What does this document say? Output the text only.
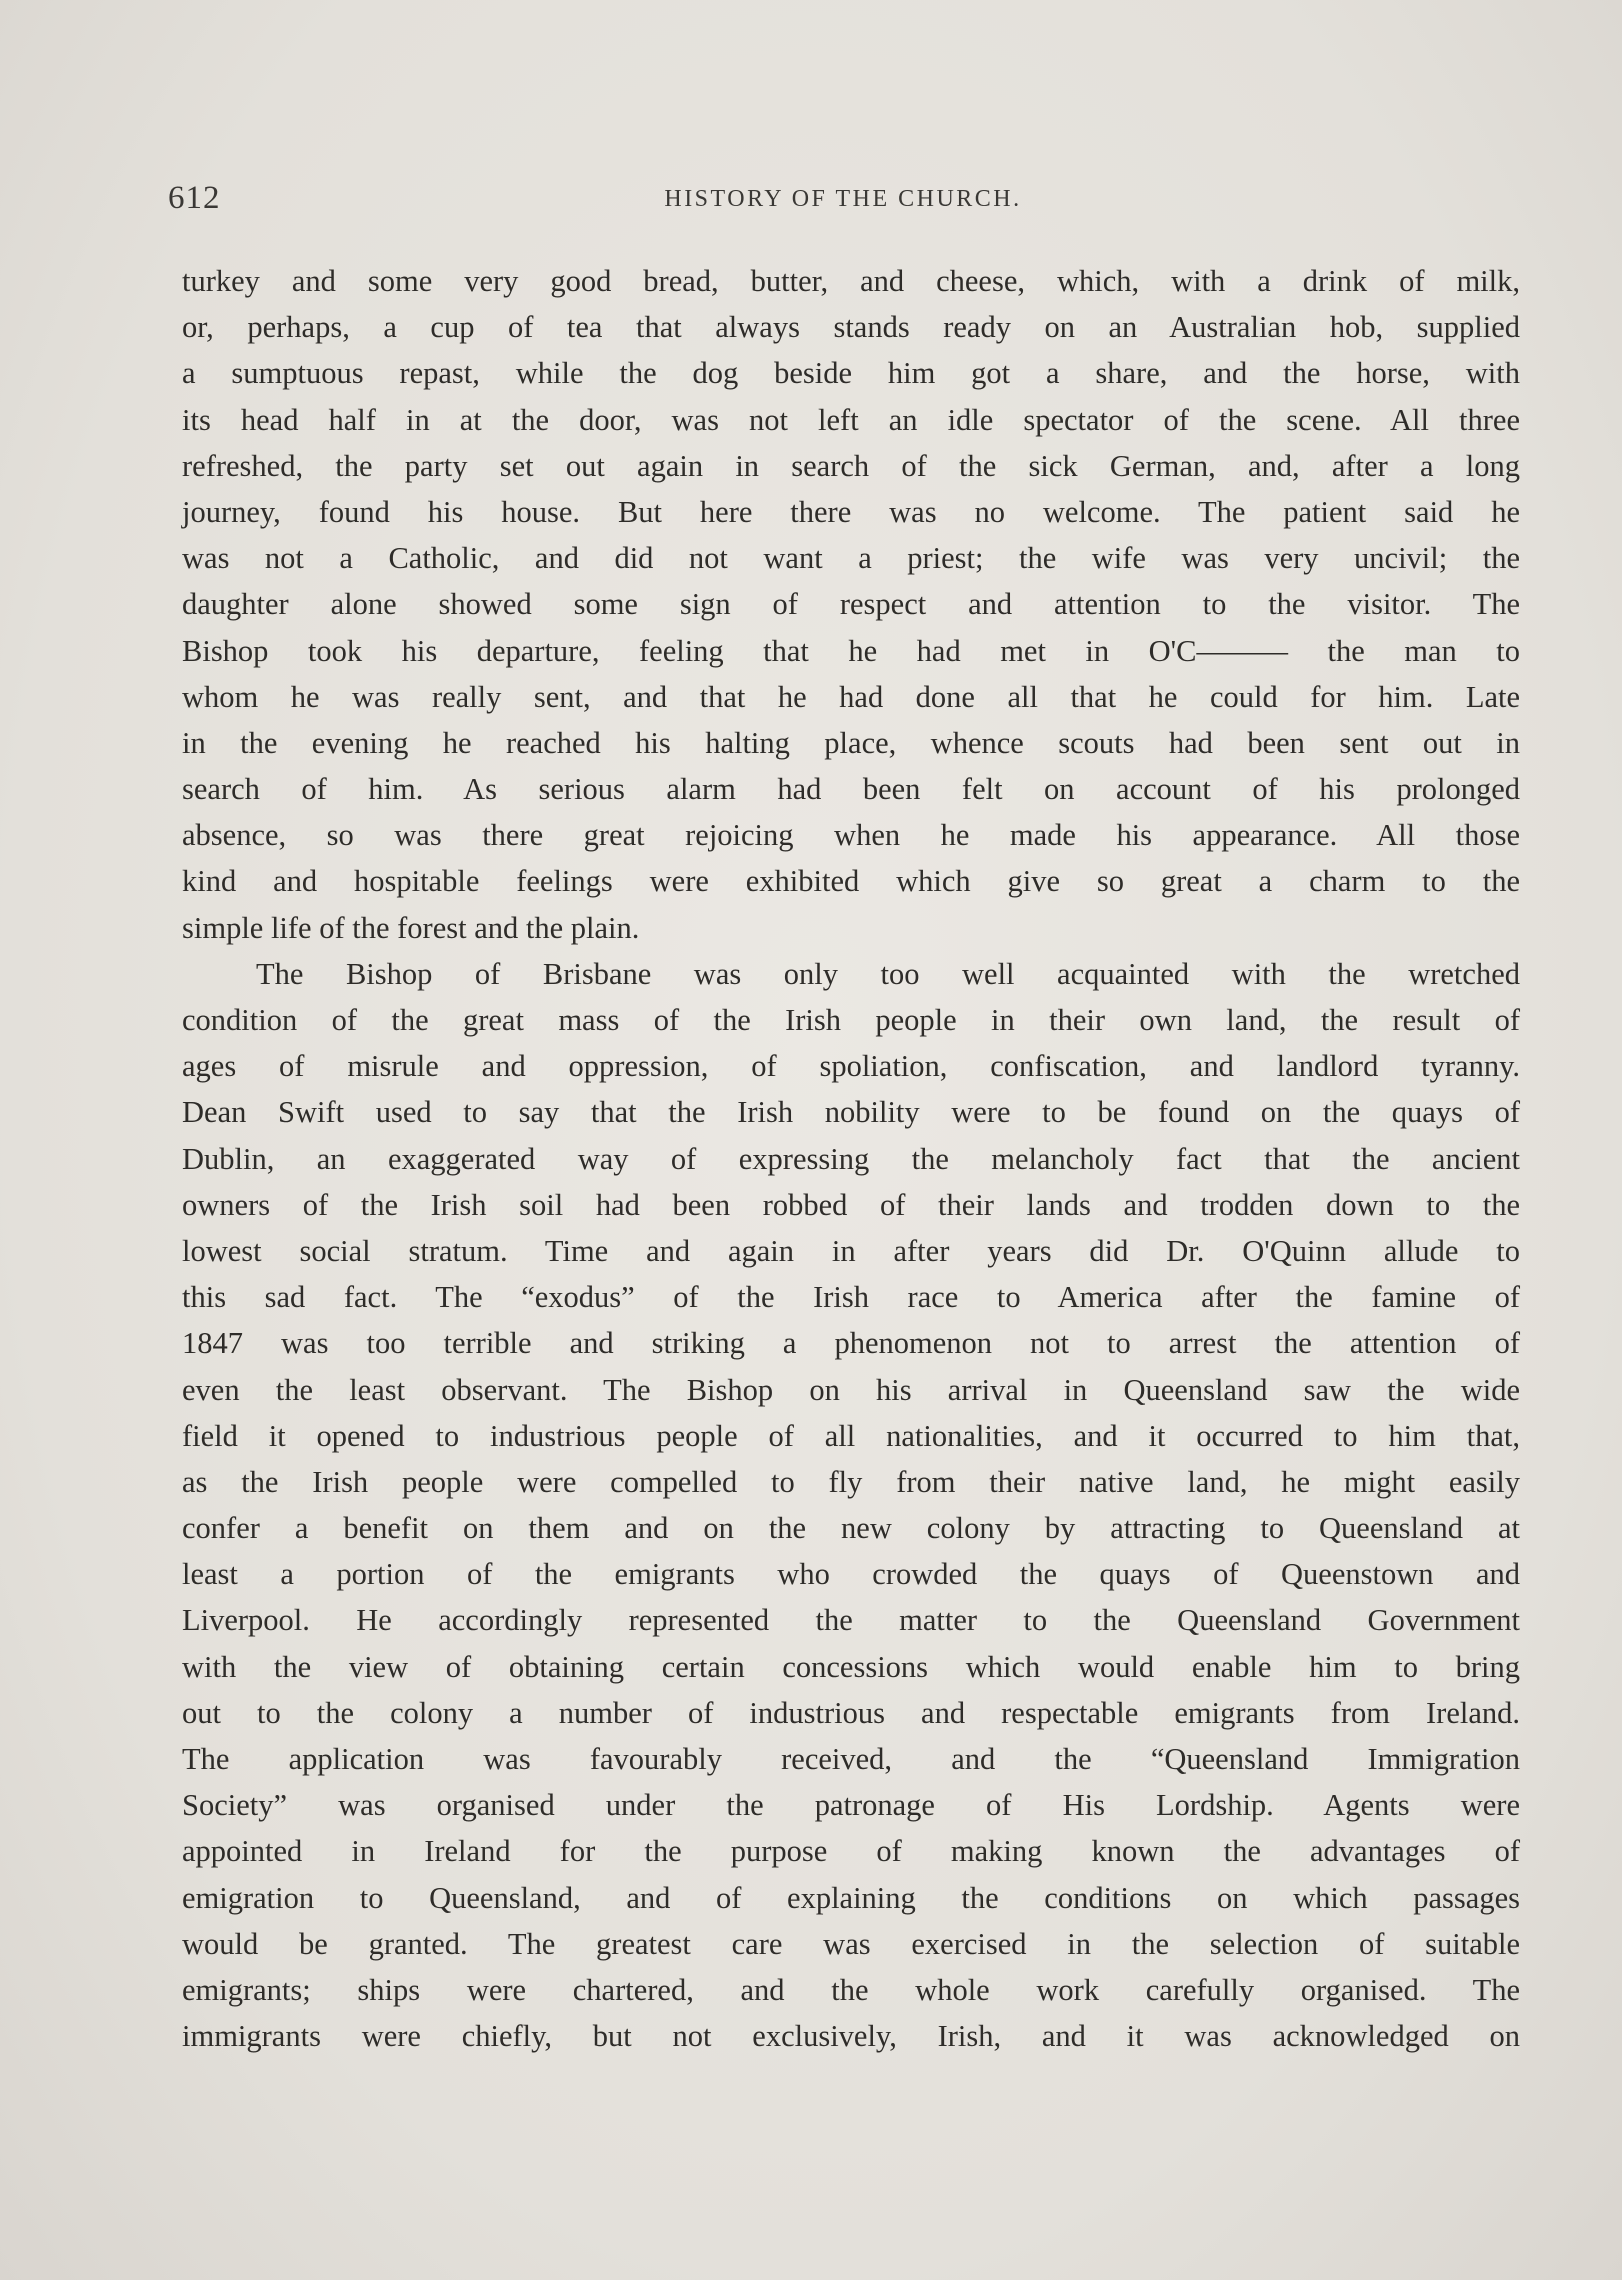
612	HISTORY OF THE CHURCH.
turkey and some very good bread, butter, and cheese, which, with a drink of milk,
or, perhaps, a cup of tea that always stands ready on an Australian hob, supplied
a sumptuous repast, while the dog beside him got a share, and the horse, with
its head half in at the door, was not left an idle spectator of the scene. All three
refreshed, the party set out again in search of the sick German, and, after a long
journey, found his house. But here there was no welcome. The patient said he
was not a Catholic, and did not want a priest; the wife was very uncivil; the
daughter alone showed some sign of respect and attention to the visitor. The
Bishop took his departure, feeling that he had met in O'C——— the man to
whom he was really sent, and that he had done all that he could for him. Late
in the evening he reached his halting place, whence scouts had been sent out in
search of him. As serious alarm had been felt on account of his prolonged
absence, so was there great rejoicing when he made his appearance. All those
kind and hospitable feelings were exhibited which give so great a charm to the
simple life of the forest and the plain.
The Bishop of Brisbane was only too well acquainted with the wretched
condition of the great mass of the Irish people in their own land, the result of
ages of misrule and oppression, of spoliation, confiscation, and landlord tyranny.
Dean Swift used to say that the Irish nobility were to be found on the quays of
Dublin, an exaggerated way of expressing the melancholy fact that the ancient
owners of the Irish soil had been robbed of their lands and trodden down to the
lowest social stratum. Time and again in after years did Dr. O'Quinn allude to
this sad fact. The “exodus” of the Irish race to America after the famine of
1847 was too terrible and striking a phenomenon not to arrest the attention of
even the least observant. The Bishop on his arrival in Queensland saw the wide
field it opened to industrious people of all nationalities, and it occurred to him that,
as the Irish people were compelled to fly from their native land, he might easily
confer a benefit on them and on the new colony by attracting to Queensland at
least a portion of the emigrants who crowded the quays of Queenstown and
Liverpool. He accordingly represented the matter to the Queensland Government
with the view of obtaining certain concessions which would enable him to bring
out to the colony a number of industrious and respectable emigrants from Ireland.
The application was favourably received, and the “Queensland Immigration
Society” was organised under the patronage of His Lordship. Agents were
appointed in Ireland for the purpose of making known the advantages of
emigration to Queensland, and of explaining the conditions on which passages
would be granted. The greatest care was exercised in the selection of suitable
emigrants; ships were chartered, and the whole work carefully organised. The
immigrants were chiefly, but not exclusively, Irish, and it was acknowledged on
